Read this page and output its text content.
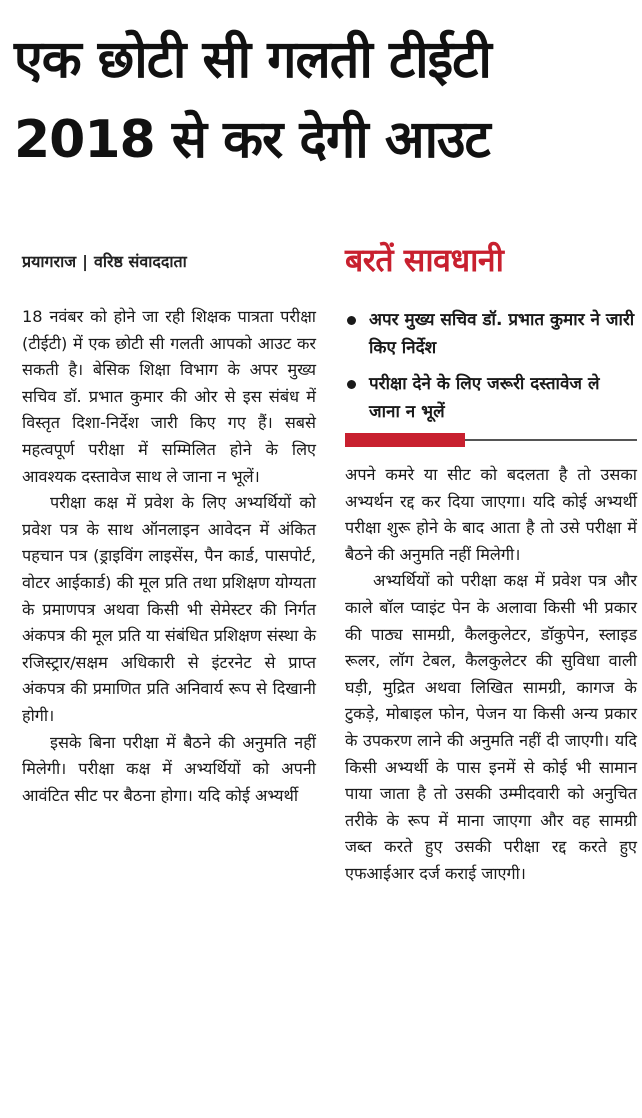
एक छोटी सी गलती टीईटी 2018 से कर देगी आउट
प्रयागराज | वरिष्ठ संवाददाता	बरतें सावधानी
अपर मुख्य सचिव डॉ. प्रभात कुमार ने जारी किए निर्देश
परीक्षा देने के लिए जरूरी दस्तावेज ले जाना न भूलें

18 नवंबर को होने जा रही शिक्षक पात्रता परीक्षा (टीईटी) में एक छोटी सी गलती आपको आउट कर सकती है। बेसिक शिक्षा विभाग के अपर मुख्य सचिव डॉ. प्रभात कुमार की ओर से इस संबंध में विस्तृत दिशा-निर्देश जारी किए गए हैं। सबसे महत्वपूर्ण परीक्षा में सम्मिलित होने के लिए आवश्यक दस्तावेज साथ ले जाना न भूलें।

परीक्षा कक्ष में प्रवेश के लिए अभ्यर्थियों को प्रवेश पत्र के साथ ऑनलाइन आवेदन में अंकित पहचान पत्र (ड्राइविंग लाइसेंस, पैन कार्ड, पासपोर्ट, वोटर आईकार्ड) की मूल प्रति तथा प्रशिक्षण योग्यता के प्रमाणपत्र अथवा किसी भी सेमेस्टर की निर्गत अंकपत्र की मूल प्रति या संबंधित प्रशिक्षण संस्था के रजिस्ट्रार/सक्षम अधिकारी से इंटरनेट से प्राप्त अंकपत्र की प्रमाणित प्रति अनिवार्य रूप से दिखानी होगी।

इसके बिना परीक्षा में बैठने की अनुमति नहीं मिलेगी। परीक्षा कक्ष में अभ्यर्थियों को अपनी आवंटित सीट पर बैठना होगा। यदि कोई अभ्यर्थी

अपने कमरे या सीट को बदलता है तो उसका अभ्यर्थन रद्द कर दिया जाएगा। यदि कोई अभ्यर्थी परीक्षा शुरू होने के बाद आता है तो उसे परीक्षा में बैठने की अनुमति नहीं मिलेगी।

अभ्यर्थियों को परीक्षा कक्ष में प्रवेश पत्र और काले बॉल प्वाइंट पेन के अलावा किसी भी प्रकार की पाठ्य सामग्री, कैलकुलेटर, डॉकुपेन, स्लाइड रूलर, लॉग टेबल, कैलकुलेटर की सुविधा वाली घड़ी, मुद्रित अथवा लिखित सामग्री, कागज के टुकड़े, मोबाइल फोन, पेजन या किसी अन्य प्रकार के उपकरण लाने की अनुमति नहीं दी जाएगी। यदि किसी अभ्यर्थी के पास इनमें से कोई भी सामान पाया जाता है तो उसकी उम्मीदवारी को अनुचित तरीके के रूप में माना जाएगा और वह सामग्री जब्त करते हुए उसकी परीक्षा रद्द करते हुए एफआईआर दर्ज कराई जाएगी।
